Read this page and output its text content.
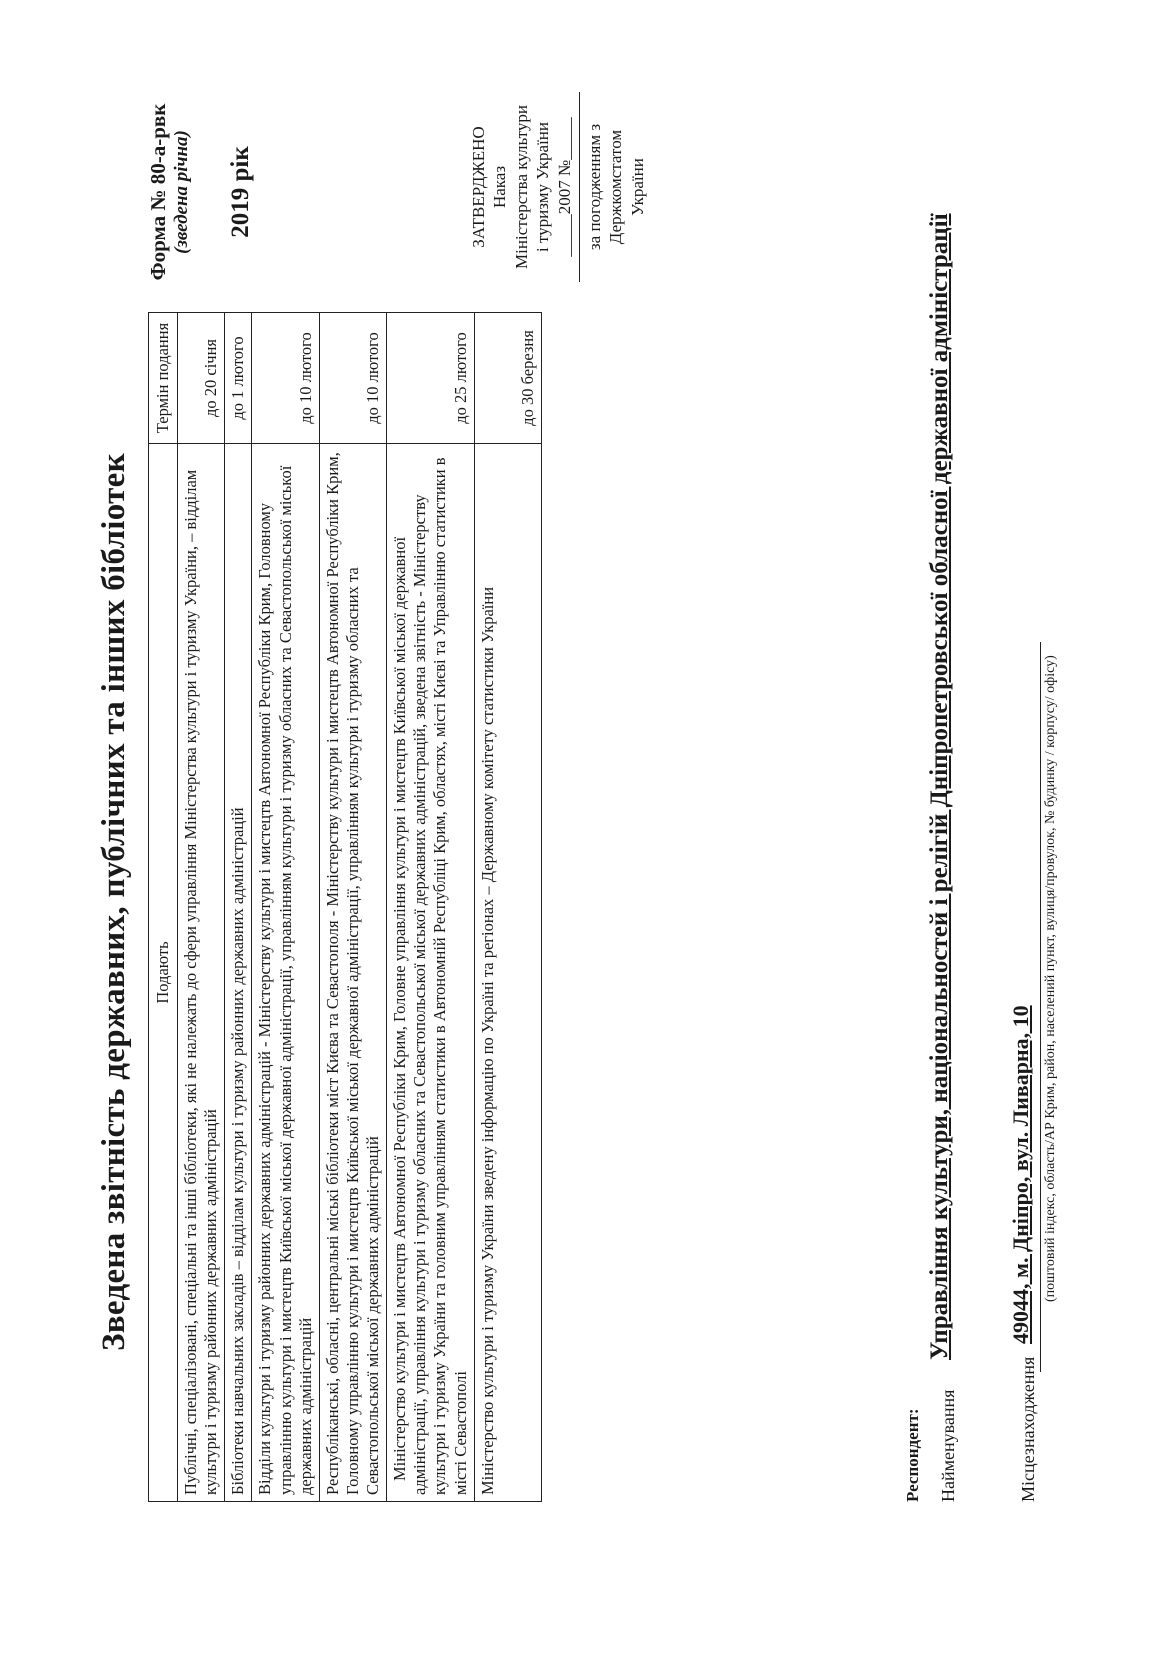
Зведена звітність державних, публічних та інших бібліотек Подають	Термін подання
Публічні, спеціалізовані, спеціальні та інші бібліотеки, які не належать до сфери управління Міністерства культури і туризму України, – відділам культури і туризму районних державних адміністрацій	до 20 січня
Бібліотеки навчальних закладів – відділам культури і туризму районних державних адміністрацій	до 1 лютого
Відділи культури і туризму районних державних адміністрацій - Міністерству культури і мистецтв Автономної Республіки Крим, Головному управлінню культури і мистецтв Київської міської державної адміністрації, управлінням культури і туризму обласних та Севастопольської міської державних адміністрацій	до 10 лютого
Республіканські, обласні, центральні міські бібліотеки міст Києва та Севастополя - Міністерству культури і мистецтв Автономної Республіки Крим, Головному управлінню культури і мистецтв Київської міської державної адміністрації, управлінням культури і туризму обласних та Севастопольської міської державних адміністрацій	до 10 лютого
Міністерство культури і мистецтв Автономної Республіки Крим, Головне управління культури і мистецтв Київської міської державної адміністрації, управління культури і туризму обласних та Севастопольської міської державних адміністрацій, зведена звітність - Міністерству культури і туризму України та головним управлінням статистики в Автономній Республіці Крим, областях, місті Києві та Управлінню статистики в місті Севастополі	до 25 лютого
Міністерство культури і туризму України зведену інформацію по Україні та регіонах – Державному комітету статистики України	до 30 березня
Форма № 80-а-рвк (зведена річна) 2019 рік	ЗАТВЕРДЖЕНО Наказ Міністерства культури і туризму України _____2007 №_____ за погодженням з Держкомстатом України
Респондент: Найменування
Управління культури, національностей і релігій Дніпропетровської обласної державної адміністрації
Місцезнаходження
49044, м. Дніпро, вул. Ливарна, 10 (поштовий індекс, область/АР Крим, район, населений пункт, вулиця/провулок, № будинку / корпусу/ офісу)
